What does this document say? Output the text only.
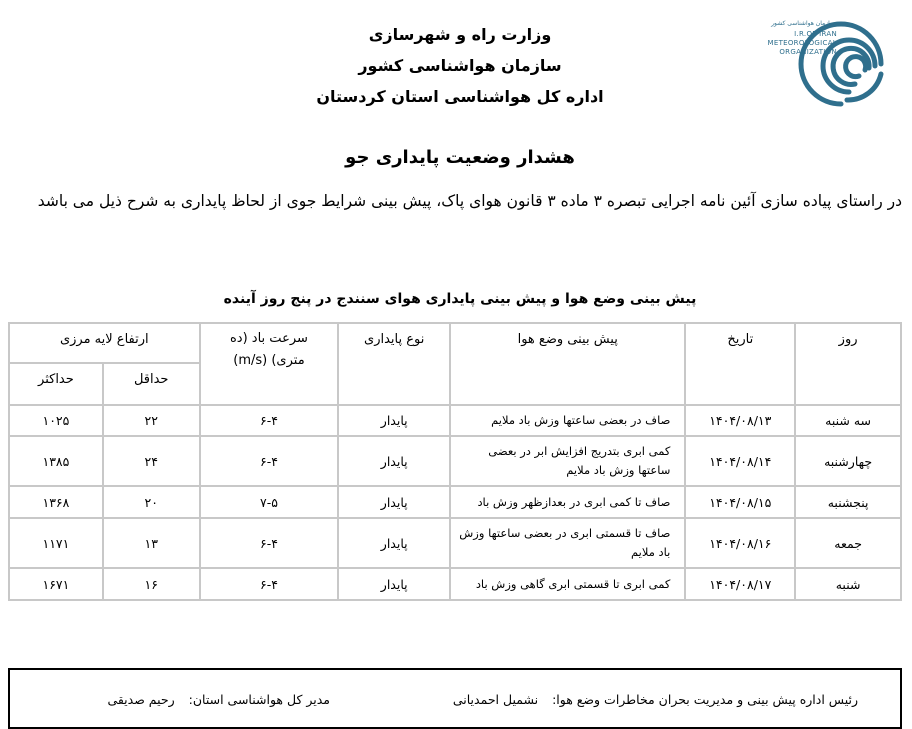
سازمان هواشناسی کشور
I.R.OF IRAN
METEOROLOGICAL
ORGANIZATION
وزارت راه و شهرسازی
سازمان هواشناسی کشور
اداره کل هواشناسی استان کردستان
هشدار وضعیت پایداری جو
در راستای پیاده سازی آئین نامه اجرایی تبصره ۳ ماده ۳ قانون هوای پاک، پیش بینی شرایط جوی از لحاظ پایداری به شرح ذیل می باشد
پیش بینی وضع هوا و پیش بینی پایداری هوای سنندج در پنج روز آینده
روز	تاریخ	پیش بینی وضع هوا	نوع پایداری	سرعت باد (ده متری) (m/s)	ارتفاع لایه مرزی	
					حداقل	حداکثر
سه شنبه	۱۴۰۴/۰۸/۱۳	صاف در بعضی ساعتها وزش باد ملایم	پایدار	۶-۴	۲۲	۱۰۲۵
چهارشنبه	۱۴۰۴/۰۸/۱۴	کمی ابری بتدریج افزایش ابر در بعضی ساعتها وزش باد ملایم	پایدار	۶-۴	۲۴	۱۳۸۵
پنجشنبه	۱۴۰۴/۰۸/۱۵	صاف تا کمی ابری در بعدازظهر وزش باد	پایدار	۷-۵	۲۰	۱۳۶۸
جمعه	۱۴۰۴/۰۸/۱۶	صاف تا قسمتی ابری در بعضی ساعتها وزش باد ملایم	پایدار	۶-۴	۱۳	۱۱۷۱
شنبه	۱۴۰۴/۰۸/۱۷	کمی ابری تا قسمتی ابری گاهی وزش باد	پایدار	۶-۴	۱۶	۱۶۷۱
رئیس اداره پیش بینی و مدیریت بحران مخاطرات وضع هوا:  نشمیل احمدیانی
مدیر کل هواشناسی استان:  رحیم صدیقی
